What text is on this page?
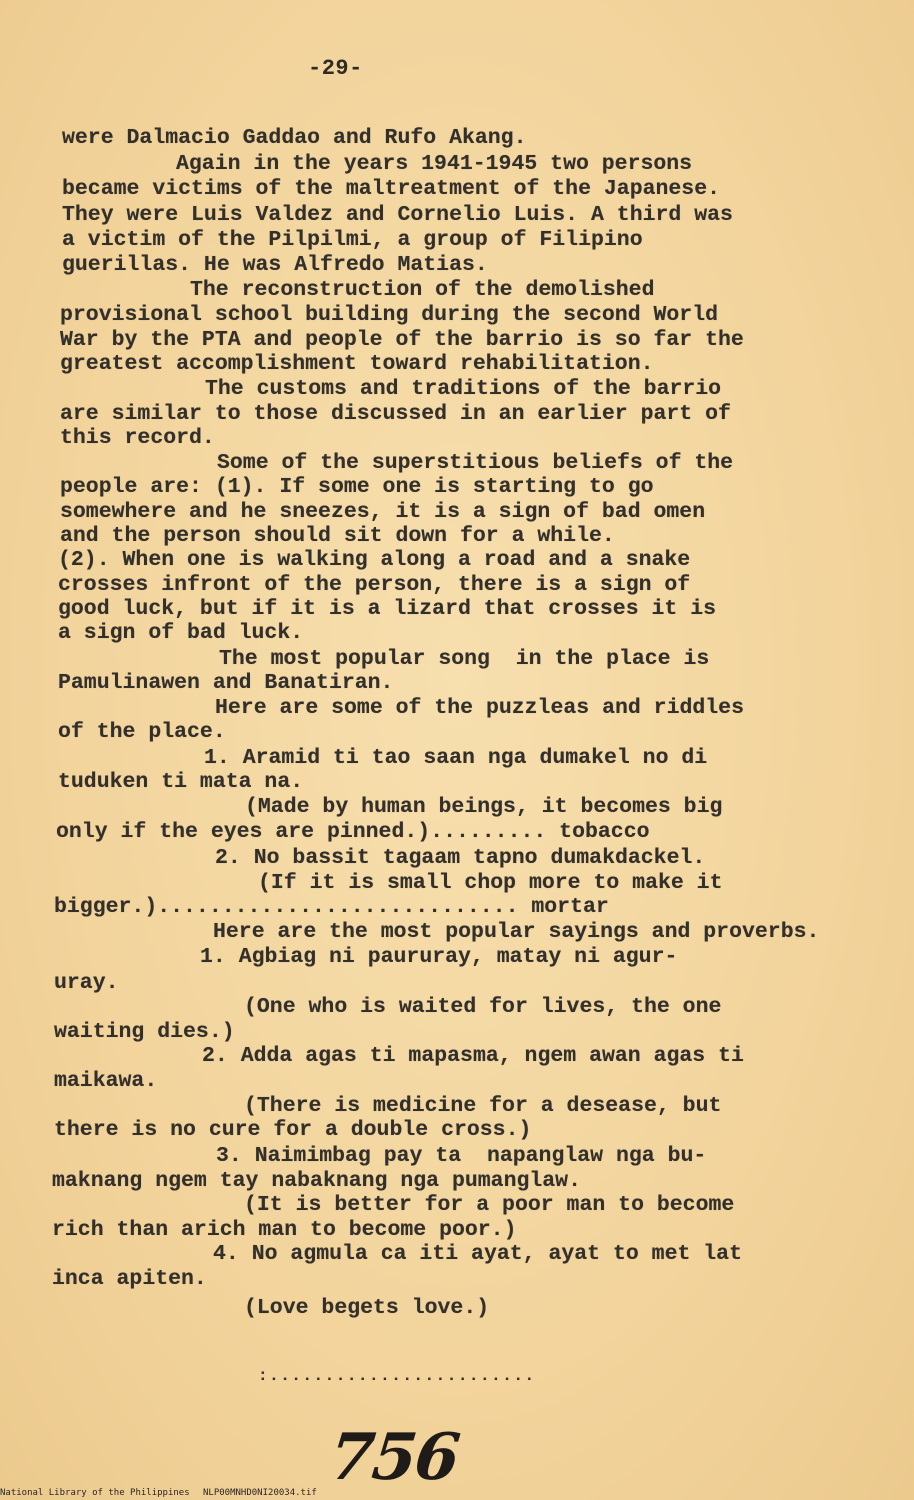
-29-
were Dalmacio Gaddao and Rufo Akang.
Again in the years 1941-1945 two persons
became victims of the maltreatment of the Japanese.
They were Luis Valdez and Cornelio Luis. A third was
a victim of the Pilpilmi, a group of Filipino
guerillas. He was Alfredo Matias.
The reconstruction of the demolished
provisional school building during the second World
War by the PTA and people of the barrio is so far the
greatest accomplishment toward rehabilitation.
The customs and traditions of the barrio
are similar to those discussed in an earlier part of
this record.
Some of the superstitious beliefs of the
people are: (1). If some one is starting to go
somewhere and he sneezes, it is a sign of bad omen
and the person should sit down for a while.
(2). When one is walking along a road and a snake
crosses infront of the person, there is a sign of
good luck, but if it is a lizard that crosses it is
a sign of bad luck.
The most popular song  in the place is
Pamulinawen and Banatiran.
Here are some of the puzzleas and riddles
of the place.
1. Aramid ti tao saan nga dumakel no di
tuduken ti mata na.
(Made by human beings, it becomes big
only if the eyes are pinned.)......... tobacco
2. No bassit tagaam tapno dumakdackel.
(If it is small chop more to make it
bigger.)............................ mortar
Here are the most popular sayings and proverbs.
1. Agbiag ni paururay, matay ni agur-
uray.
(One who is waited for lives, the one
waiting dies.)
2. Adda agas ti mapasma, ngem awan agas ti
maikawa.
(There is medicine for a desease, but
there is no cure for a double cross.)
3. Naimimbag pay ta  napanglaw nga bu-
maknang ngem tay nabaknang nga pumanglaw.
(It is better for a poor man to become
rich than arich man to become poor.)
4. No agmula ca iti ayat, ayat to met lat
inca apiten.
(Love begets love.)
:........................
756
National Library of the Philippines NLP00MNHD0NI20034.tif
